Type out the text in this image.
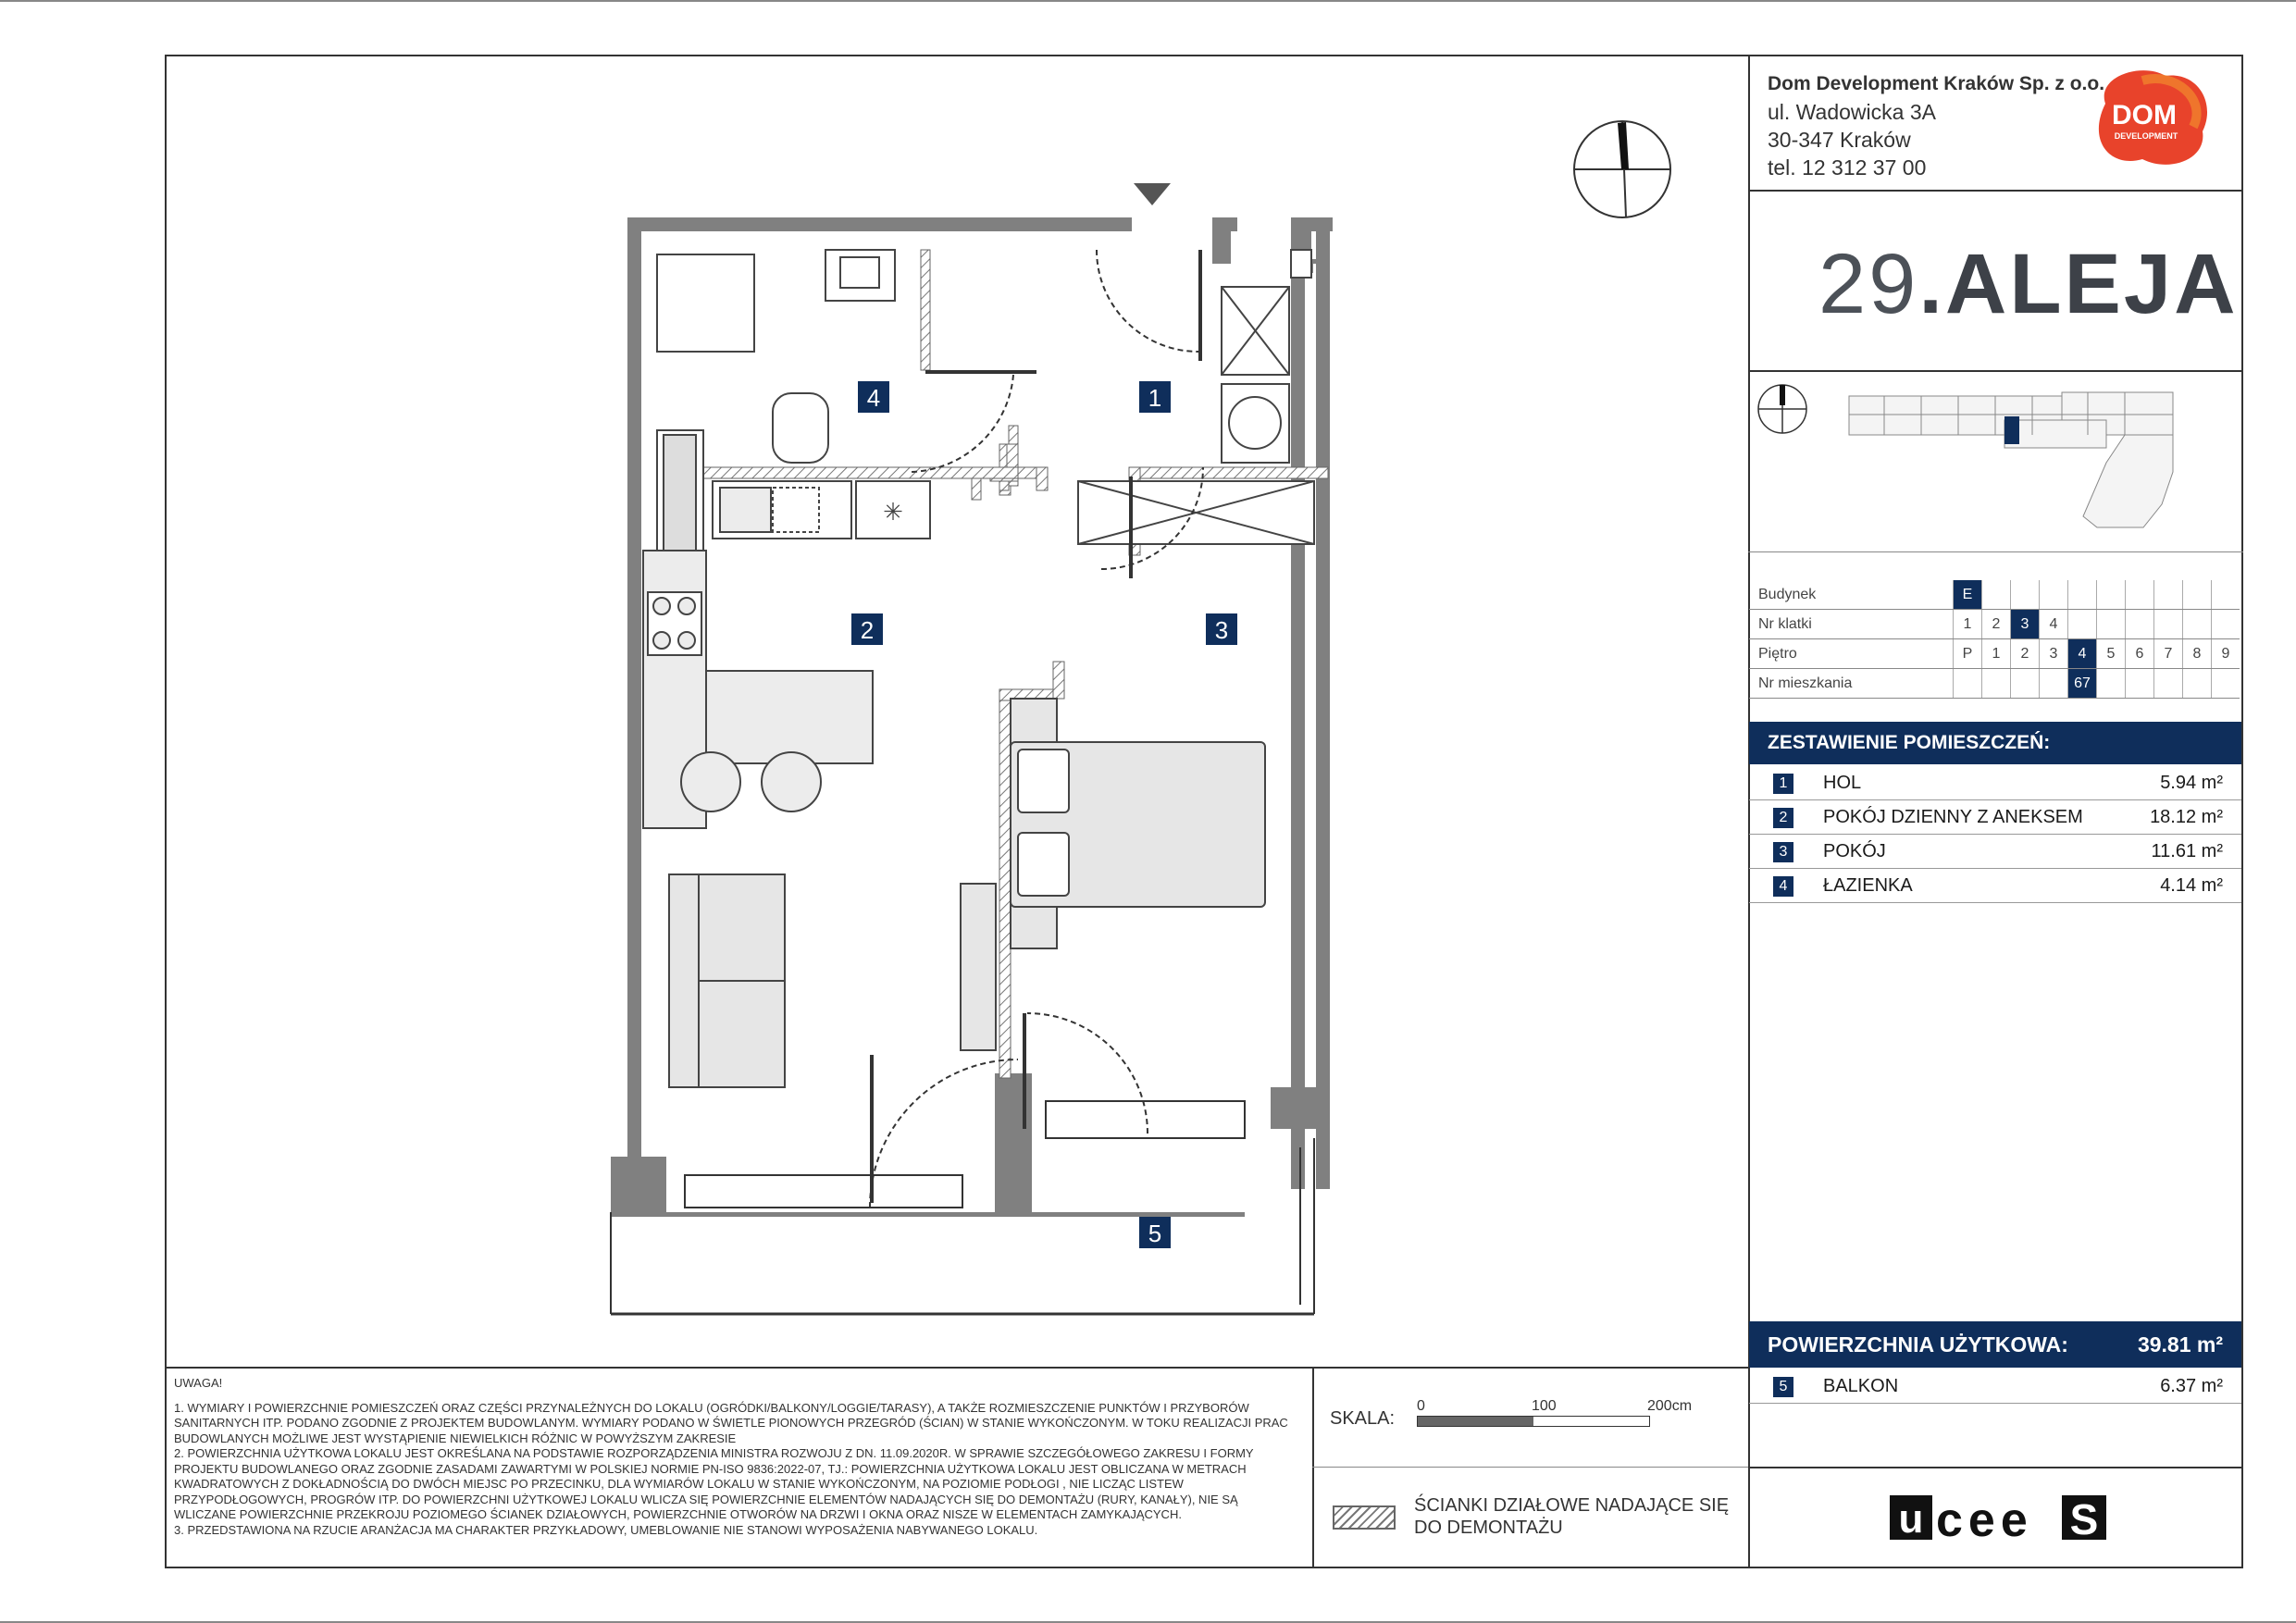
Dom Development Kraków Sp. z o.o.
ul. Wadowicka 3A
30-347 Kraków
tel. 12 312 37 00
DOM
DEVELOPMENT
29.ALEJA
Budynek	E									
Nr klatki	1	2	3	4						
Piętro	P	1	2	3	4	5	6	7	8	9
Nr mieszkania					67					
ZESTAWIENIE POMIESZCZEŃ:
1	HOL	5.94 m²
2	POKÓJ DZIENNY Z ANEKSEM	18.12 m²
3	POKÓJ	11.61 m²
4	ŁAZIENKA	4.14 m²
POWIERZCHNIA UŻYTKOWA:	39.81 m²
5	BALKON	6.37 m²
UWAGA!
1. WYMIARY I POWIERZCHNIE POMIESZCZEŃ ORAZ CZĘŚCI PRZYNALEŻNYCH DO LOKALU (OGRÓDKI/BALKONY/LOGGIE/TARASY), A TAKŻE ROZMIESZCZENIE PUNKTÓW I PRZYBORÓW SANITARNYCH ITP. PODANO ZGODNIE Z PROJEKTEM BUDOWLANYM. WYMIARY PODANO W ŚWIETLE PIONOWYCH PRZEGRÓD (ŚCIAN) W STANIE WYKOŃCZONYM. W TOKU REALIZACJI PRAC BUDOWLANYCH MOŻLIWE JEST WYSTĄPIENIE NIEWIELKICH RÓŻNIC W POWYŻSZYM ZAKRESIE
2. POWIERZCHNIA UŻYTKOWA LOKALU JEST OKREŚLANA NA PODSTAWIE ROZPORZĄDZENIA MINISTRA ROZWOJU Z DN. 11.09.2020R. W SPRAWIE SZCZEGÓŁOWEGO ZAKRESU I FORMY PROJEKTU BUDOWLANEGO ORAZ ZGODNIE ZASADAMI ZAWARTYMI W POLSKIEJ NORMIE PN-ISO 9836:2022-07, TJ.: POWIERZCHNIA UŻYTKOWA LOKALU JEST OBLICZANA W METRACH KWADRATOWYCH Z DOKŁADNOŚCIĄ DO DWÓCH MIEJSC PO PRZECINKU, DLA WYMIARÓW LOKALU W STANIE WYKOŃCZONYM, NA POZIOMIE PODŁOGI , NIE LICZĄC LISTEW PRZYPODŁOGOWYCH, PROGRÓW ITP. DO POWIERZCHNI UŻYTKOWEJ LOKALU WLICZA SIĘ POWIERZCHNIE ELEMENTÓW NADAJĄCYCH SIĘ DO DEMONTAŻU (RURY, KANAŁY), NIE SĄ WLICZANE POWIERZCHNIE PRZEKROJU POZIOMEGO ŚCIANEK DZIAŁOWYCH, POWIERZCHNIE OTWORÓW NA DRZWI I OKNA ORAZ NISZE W ELEMENTACH ZAMYKAJĄCYCH.
3. PRZEDSTAWIONA NA RZUCIE ARANŻACJA MA CHARAKTER PRZYKŁADOWY, UMEBLOWANIE NIE STANOWI WYPOSAŻENIA NABYWANEGO LOKALU.
SKALA:
0	100	200cm
ŚCIANKI DZIAŁOWE NADAJĄCE SIĘ
DO DEMONTAŻU	u cee S
✳
4	1
2	3
5
